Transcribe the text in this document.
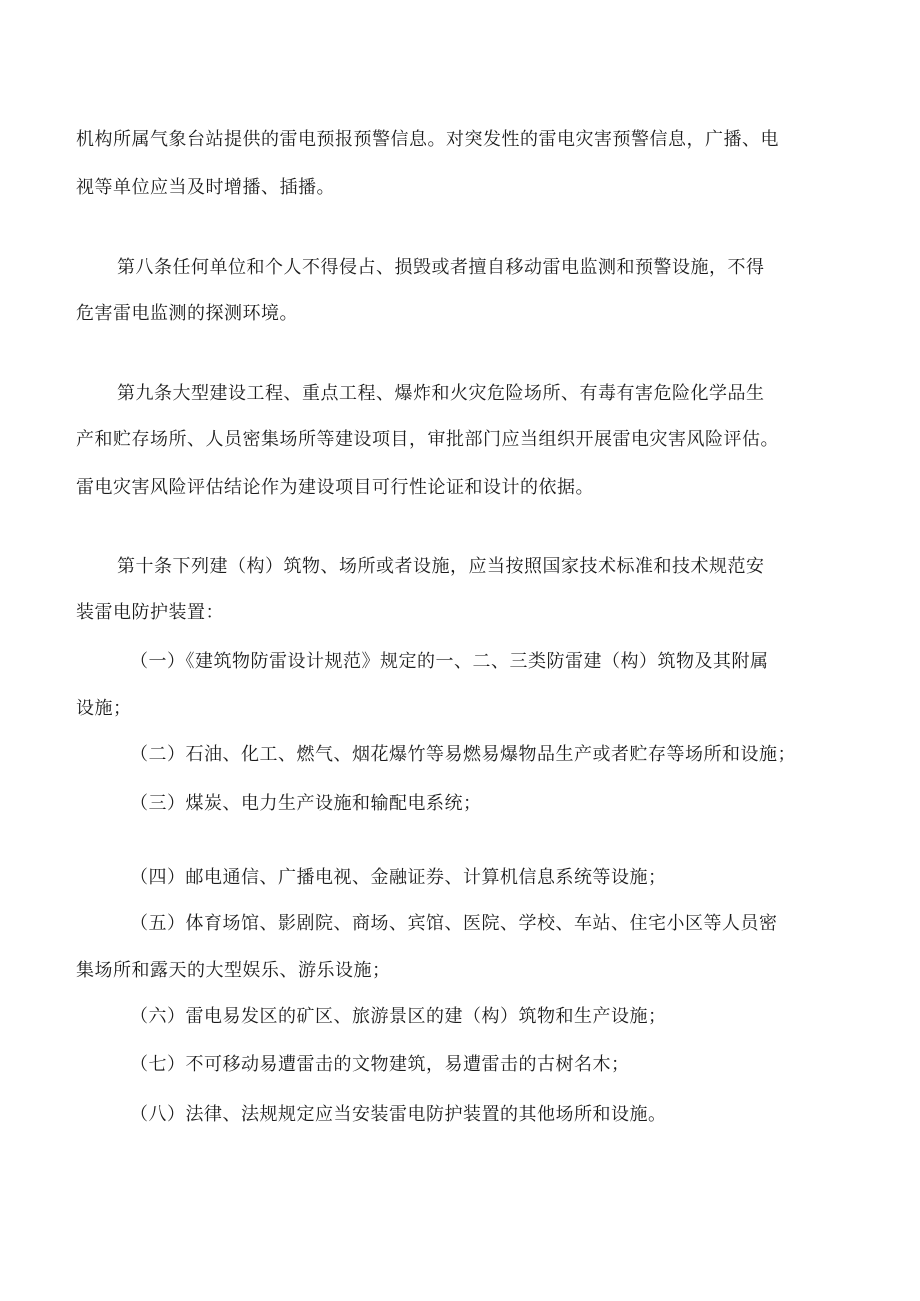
机构所属气象台站提供的雷电预报预警信息。对突发性的雷电灾害预警信息，广播、电
视等单位应当及时增播、插播。
第八条任何单位和个人不得侵占、损毁或者擅自移动雷电监测和预警设施，不得
危害雷电监测的探测环境。
第九条大型建设工程、重点工程、爆炸和火灾危险场所、有毒有害危险化学品生
产和贮存场所、人员密集场所等建设项目，审批部门应当组织开展雷电灾害风险评估。
雷电灾害风险评估结论作为建设项目可行性论证和设计的依据。
第十条下列建（构）筑物、场所或者设施，应当按照国家技术标准和技术规范安
装雷电防护装置：
（一）《建筑物防雷设计规范》规定的一、二、三类防雷建（构）筑物及其附属
设施；
（二）石油、化工、燃气、烟花爆竹等易燃易爆物品生产或者贮存等场所和设施；
（三）煤炭、电力生产设施和输配电系统；
（四）邮电通信、广播电视、金融证券、计算机信息系统等设施；
（五）体育场馆、影剧院、商场、宾馆、医院、学校、车站、住宅小区等人员密
集场所和露天的大型娱乐、游乐设施；
（六）雷电易发区的矿区、旅游景区的建（构）筑物和生产设施；
（七）不可移动易遭雷击的文物建筑，易遭雷击的古树名木；
（八）法律、法规规定应当安装雷电防护装置的其他场所和设施。
